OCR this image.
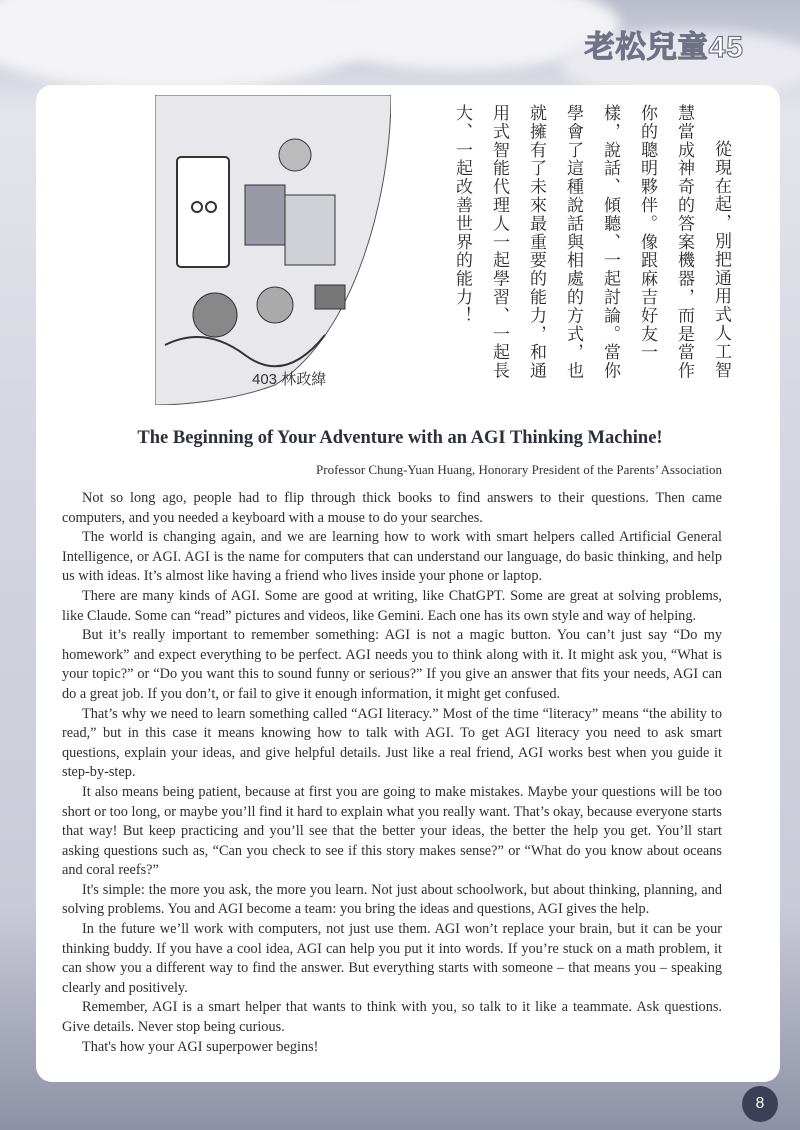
老松兒童45
403 林政緯
從現在起，別把通用式人工智
慧當成神奇的答案機器，而是當作
你的聰明夥伴。像跟麻吉好友一
樣，說話、傾聽、一起討論。當你
學會了這種說話與相處的方式，也
就擁有了未來最重要的能力，和通
用式智能代理人一起學習、一起長
大、一起改善世界的能力！
The Beginning of Your Adventure with an AGI Thinking Machine!
Professor Chung-Yuan Huang, Honorary President of the Parents’ Association

Not so long ago, people had to flip through thick books to find answers to their questions. Then came computers, and you needed a keyboard with a mouse to do your searches.

The world is changing again, and we are learning how to work with smart helpers called Artificial General Intelligence, or AGI. AGI is the name for computers that can understand our language, do basic thinking, and help us with ideas. It’s almost like having a friend who lives inside your phone or laptop.

There are many kinds of AGI. Some are good at writing, like ChatGPT. Some are great at solving problems, like Claude. Some can “read” pictures and videos, like Gemini. Each one has its own style and way of helping.

But it’s really important to remember something: AGI is not a magic button. You can’t just say “Do my homework” and expect everything to be perfect. AGI needs you to think along with it. It might ask you, “What is your topic?” or “Do you want this to sound funny or serious?” If you give an answer that fits your needs, AGI can do a great job. If you don’t, or fail to give it enough information, it might get confused.

That’s why we need to learn something called “AGI literacy.” Most of the time “literacy” means “the ability to read,” but in this case it means knowing how to talk with AGI. To get AGI literacy you need to ask smart questions, explain your ideas, and give helpful details. Just like a real friend, AGI works best when you guide it step-by-step.

It also means being patient, because at first you are going to make mistakes. Maybe your questions will be too short or too long, or maybe you’ll find it hard to explain what you really want. That’s okay, because everyone starts that way! But keep practicing and you’ll see that the better your ideas, the better the help you get. You’ll start asking questions such as, “Can you check to see if this story makes sense?” or “What do you know about oceans and coral reefs?”

It's simple: the more you ask, the more you learn. Not just about schoolwork, but about thinking, planning, and solving problems. You and AGI become a team: you bring the ideas and questions, AGI gives the help.

In the future we’ll work with computers, not just use them. AGI won’t replace your brain, but it can be your thinking buddy. If you have a cool idea, AGI can help you put it into words. If you’re stuck on a math problem, it can show you a different way to find the answer. But everything starts with someone – that means you – speaking clearly and positively.

Remember, AGI is a smart helper that wants to think with you, so talk to it like a teammate. Ask questions. Give details. Never stop being curious.

That's how your AGI superpower begins!

8
